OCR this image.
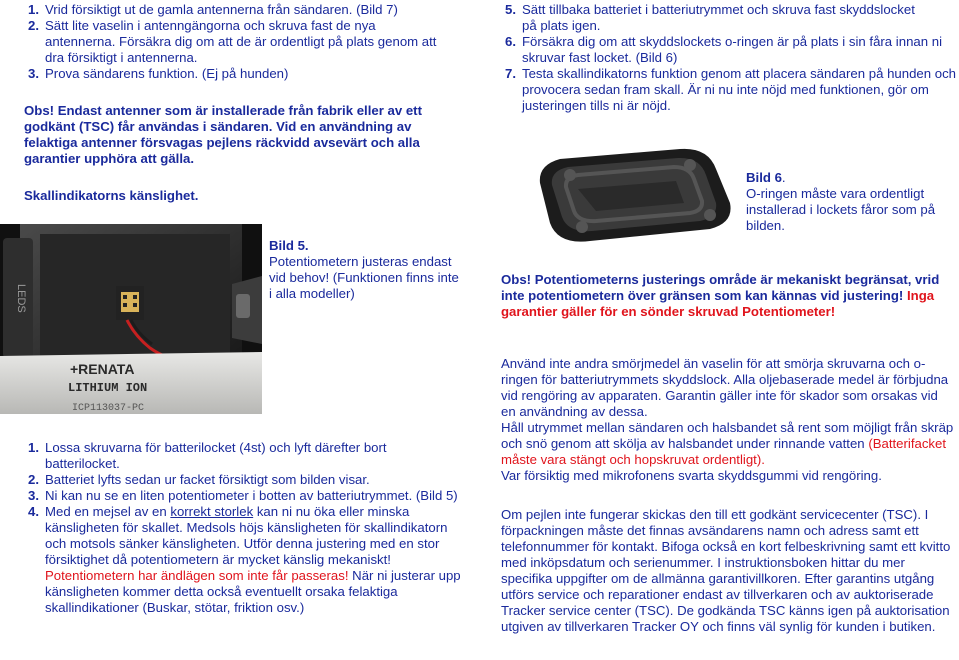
1. Vrid försiktigt ut de gamla antennerna från sändaren. (Bild 7)
2. Sätt lite vaselin i antenngängorna och skruva fast de nya antennerna. Försäkra dig om att de är ordentligt på plats genom att dra försiktigt i antennerna.
3. Prova sändarens funktion. (Ej på hunden)

Obs! Endast antenner som är installerade från fabrik eller av ett godkänt (TSC) får användas i sändaren. Vid en användning av felaktiga antenner försvagas pejlens räckvidd avsevärt och alla garantier upphöra att gälla.

Skallindikatorns känslighet.

LEDS
+RENATA
LITHIUM ION
ICP113037-PC

Bild 5.

Potentiometern justeras endast vid behov! (Funktionen finns inte i alla modeller)

1. Lossa skruvarna för batterilocket (4st) och lyft därefter bort batterilocket.
2. Batteriet lyfts sedan ur facket försiktigt som bilden visar.
3. Ni kan nu se en liten potentiometer i botten av batteriutrymmet. (Bild 5)
4. Med en mejsel av en korrekt storlek kan ni nu öka eller minska känsligheten för skallet. Medsols höjs känsligheten för skallindikatorn och motsols sänker känsligheten. Utför denna justering med en stor försiktighet då potentiometern är mycket känslig mekaniskt! Potentiometern har ändlägen som inte får passeras! När ni justerar upp känsligheten kommer detta också eventuellt orsaka felaktiga skallindikationer (Buskar, stötar, friktion osv.)
5. Sätt tillbaka batteriet i batteriutrymmet och skruva fast skyddslocket på plats igen.
6. Försäkra dig om att skyddslockets o-ringen är på plats i sin fåra innan ni skruvar fast locket. (Bild 6)
7. Testa skallindikatorns funktion genom att placera sändaren på hunden och provocera sedan fram skall. Är ni nu inte nöjd med funktionen, gör om justeringen tills ni är nöjd.

Bild 6.

O-ringen måste vara ordentligt installerad i lockets fåror som på bilden.

Obs! Potentiometerns justerings område är mekaniskt begränsat, vrid inte potentiometern över gränsen som kan kännas vid justering! Inga garantier gäller för en sönder skruvad Potentiometer!

Använd inte andra smörjmedel än vaselin för att smörja skruvarna och o-ringen för batteriutrymmets skyddslock. Alla oljebaserade medel är förbjudna vid rengöring av apparaten. Garantin gäller inte för skador som orsakas vid en användning av dessa.

Håll utrymmet mellan sändaren och halsbandet så rent som möjligt från skräp och snö genom att skölja av halsbandet under rinnande vatten (Batterifacket måste vara stängt och hopskruvat ordentligt).

Var försiktig med mikrofonens svarta skyddsgummi vid rengöring.

Om pejlen inte fungerar skickas den till ett godkänt servicecenter (TSC). I förpackningen måste det finnas avsändarens namn och adress samt ett telefonnummer för kontakt. Bifoga också en kort felbeskrivning samt ett kvitto med inköpsdatum och serienummer. I instruktionsboken hittar du mer specifika uppgifter om de allmänna garantivillkoren. Efter garantins utgång utförs service och reparationer endast av tillverkaren och av auktoriserade Tracker service center (TSC). De godkända TSC känns igen på auktorisation utgiven av tillverkaren Tracker OY och finns väl synlig för kunden i butiken.
